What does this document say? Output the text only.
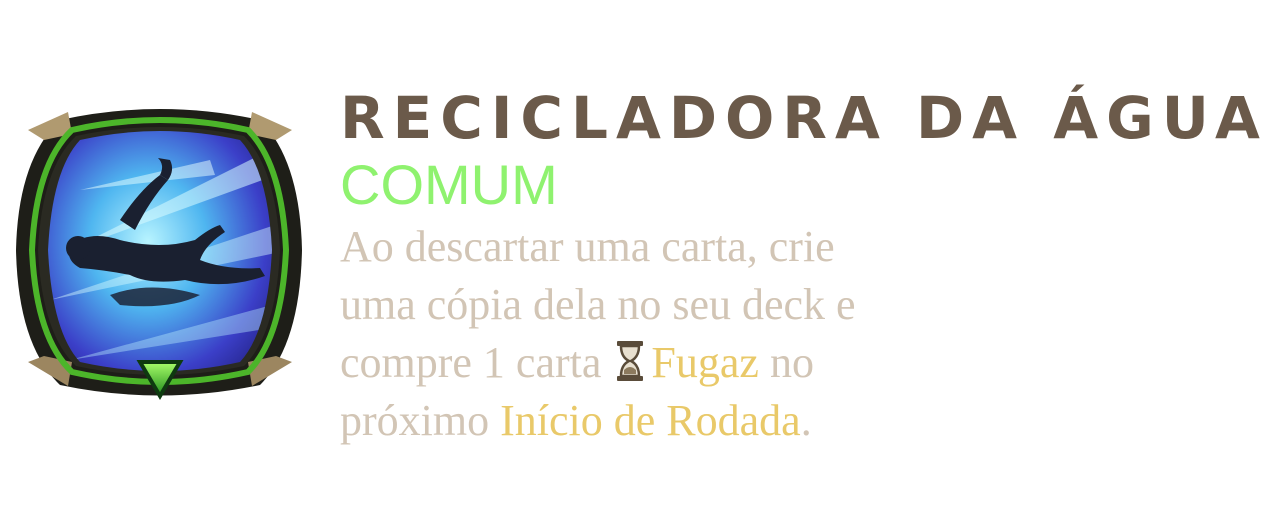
RECICLADORA DA ÁGUA
COMUM
Ao descartar uma carta, crie
uma cópia dela no seu deck e
compre 1 carta Fugaz no
próximo Início de Rodada.
